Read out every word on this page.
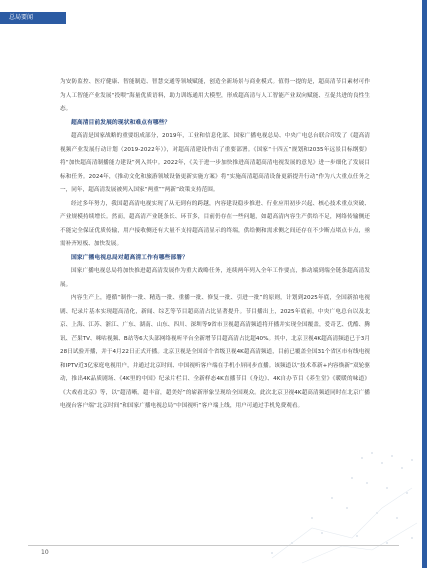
总局要闻

为安防监控、医疗健康、智能制造、智慧交通等领域赋能，创造全新场景与商业模式。值得一提的是，超高清节目素材可作为人工智能产业发展“投喂”海量优质语料，助力训练通用大模型，形成超高清与人工智能产业双向赋能、互促共进的良性生态。

超高清目前发展的现状和难点有哪些？

超高清是国家战略的重要组成部分，2019年，工业和信息化部、国家广播电视总局、中央广电总台联合印发了《超高清视频产业发展行动计划（2019-2022年）》，对超高清建设作出了重要部署。《国家“十四五”规划和2035年远景目标纲要》将“加快超高清制播能力建设”列入其中。2022年，《关于进一步加快推进高清超高清电视发展的意见》进一步细化了发展目标和任务。2024年，《推动文化和旅游领域设备更新实施方案》将“实施高清超高清设备更新提升行动”作为八大重点任务之一，同年，超高清发展被列入国家“两重”“两新”政策支持范围。

经过多年努力，我国超高清电视实现了从无到有的跨越，内容建设稳步推进、行业应用初步兴起、核心技术重点突破、产业规模持续增长。然而，超高清产业链条长、环节多，目前仍存在一些问题，如超高清内容生产供给不足，网络传输侧还不能完全保证优质传输，用户接收侧还有大量不支持超高清显示的终端，供给侧和需求侧之间还存在不少断点堵点卡点，亟需补齐短板、加快发展。

国家广播电视总局对超高清工作有哪些部署？

国家广播电视总局将加快推进超高清发展作为重大战略任务，连续两年列入全年工作要点，推动端到端全链条超高清发展。

内容生产上，遵循“制作一批、精选一批、重播一批、修复一批、引进一批”的原则，计划到2025年底，全国新拍电视剧、纪录片基本实现超高清化，新闻、综艺等节目超高清占比显著提升。节目播出上，2025年底前，中央广电总台以及北京、上海、江苏、浙江、广东、湖南、山东、四川、深圳等9省市卫视超高清频道将开播并实现全国覆盖，爱奇艺、优酷、腾讯、芒果TV、咪咕视频、B站等6大头部网络视听平台全新增节目超高清占比超40%。其中，北京卫视4K超高清频道已于3月28日试验开播，并于4月22日正式开播。北京卫视是全国首个省级卫视4K超高清频道，目前已覆盖全国31个省区市有线电视和IPTV近3亿家庭电视用户，并通过北京时间、中国视听客户端在手机小屏同步直播。该频道以“技术革新+内容焕新”双轮驱动，推出4K品质剧场、《4K里的中国》纪录片栏目、全新样态4K直播节目《身边》、4K自办节目《养生堂》《暖暖的味道》《大戏看北京》等，以“超清晰，超丰富，超美好”的崭新形象呈现给全国观众。此次北京卫视4K超高清频道同时在北京广播电视台客户端“北京时间”和国家广播电视总局“中国视听”客户端上线，用户可通过手机免费观看。

10
